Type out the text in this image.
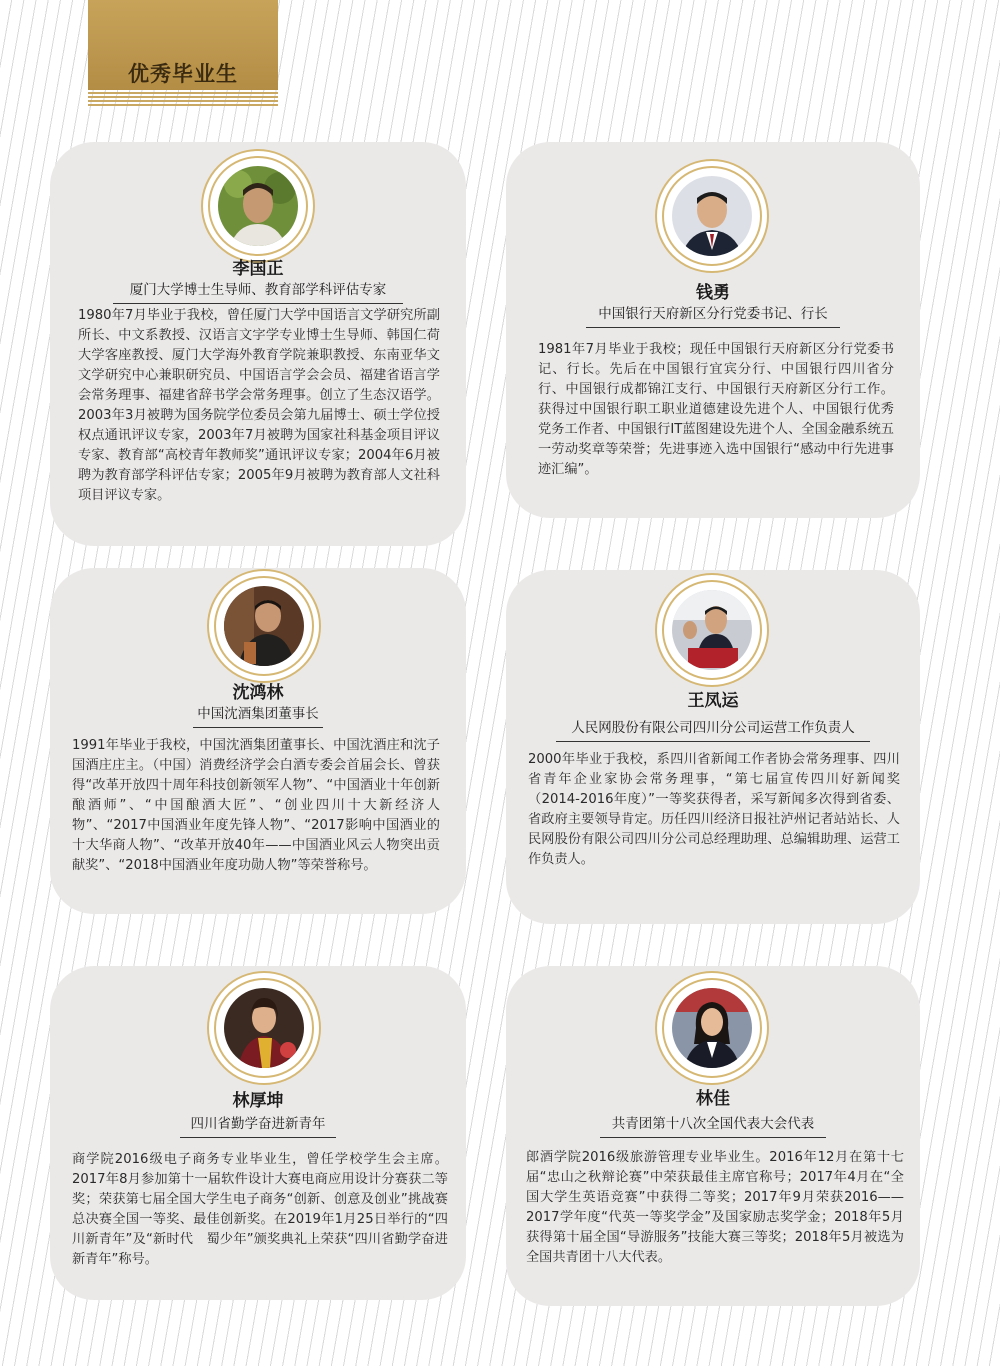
优秀毕业生
李国正
厦门大学博士生导师、教育部学科评估专家
1980年7月毕业于我校，曾任厦门大学中国语言文学研究所副所长、中文系教授、汉语言文字学专业博士生导师、韩国仁荷大学客座教授、厦门大学海外教育学院兼职教授、东南亚华文文学研究中心兼职研究员、中国语言学会会员、福建省语言学会常务理事、福建省辞书学会常务理事。创立了生态汉语学。2003年3月被聘为国务院学位委员会第九届博士、硕士学位授权点通讯评议专家，2003年7月被聘为国家社科基金项目评议专家、教育部“高校青年教师奖”通讯评议专家；2004年6月被聘为教育部学科评估专家；2005年9月被聘为教育部人文社科项目评议专家。
钱勇
中国银行天府新区分行党委书记、行长
1981年7月毕业于我校；现任中国银行天府新区分行党委书记、行长。先后在中国银行宜宾分行、中国银行四川省分行、中国银行成都锦江支行、中国银行天府新区分行工作。获得过中国银行职工职业道德建设先进个人、中国银行优秀党务工作者、中国银行IT蓝图建设先进个人、全国金融系统五一劳动奖章等荣誉；先进事迹入选中国银行“感动中行先进事迹汇编”。
沈鸿林
中国沈酒集团董事长
1991年毕业于我校，中国沈酒集团董事长、中国沈酒庄和沈子国酒庄庄主。（中国）消费经济学会白酒专委会首届会长、曾获得“改革开放四十周年科技创新领军人物”、“中国酒业十年创新酿酒师”、“中国酿酒大匠”、“创业四川十大新经济人物”、“2017中国酒业年度先锋人物”、“2017影响中国酒业的十大华商人物”、“改革开放40年——中国酒业风云人物突出贡献奖”、“2018中国酒业年度功勋人物”等荣誉称号。
王凤运
人民网股份有限公司四川分公司运营工作负责人
2000年毕业于我校，系四川省新闻工作者协会常务理事、四川省青年企业家协会常务理事，“第七届宣传四川好新闻奖（2014-2016年度）”一等奖获得者，采写新闻多次得到省委、省政府主要领导肯定。历任四川经济日报社泸州记者站站长、人民网股份有限公司四川分公司总经理助理、总编辑助理、运营工作负责人。
林厚坤
四川省勤学奋进新青年
商学院2016级电子商务专业毕业生，曾任学校学生会主席。2017年8月参加第十一届软件设计大赛电商应用设计分赛获二等奖；荣获第七届全国大学生电子商务“创新、创意及创业”挑战赛总决赛全国一等奖、最佳创新奖。在2019年1月25日举行的“四川新青年”及“新时代　蜀少年”颁奖典礼上荣获“四川省勤学奋进新青年”称号。
林佳
共青团第十八次全国代表大会代表
郎酒学院2016级旅游管理专业毕业生。2016年12月在第十七届“忠山之秋辩论赛”中荣获最佳主席官称号；2017年4月在“全国大学生英语竞赛”中获得二等奖；2017年9月荣获2016——2017学年度“代英一等奖学金”及国家励志奖学金；2018年5月获得第十届全国“导游服务”技能大赛三等奖；2018年5月被选为全国共青团十八大代表。
